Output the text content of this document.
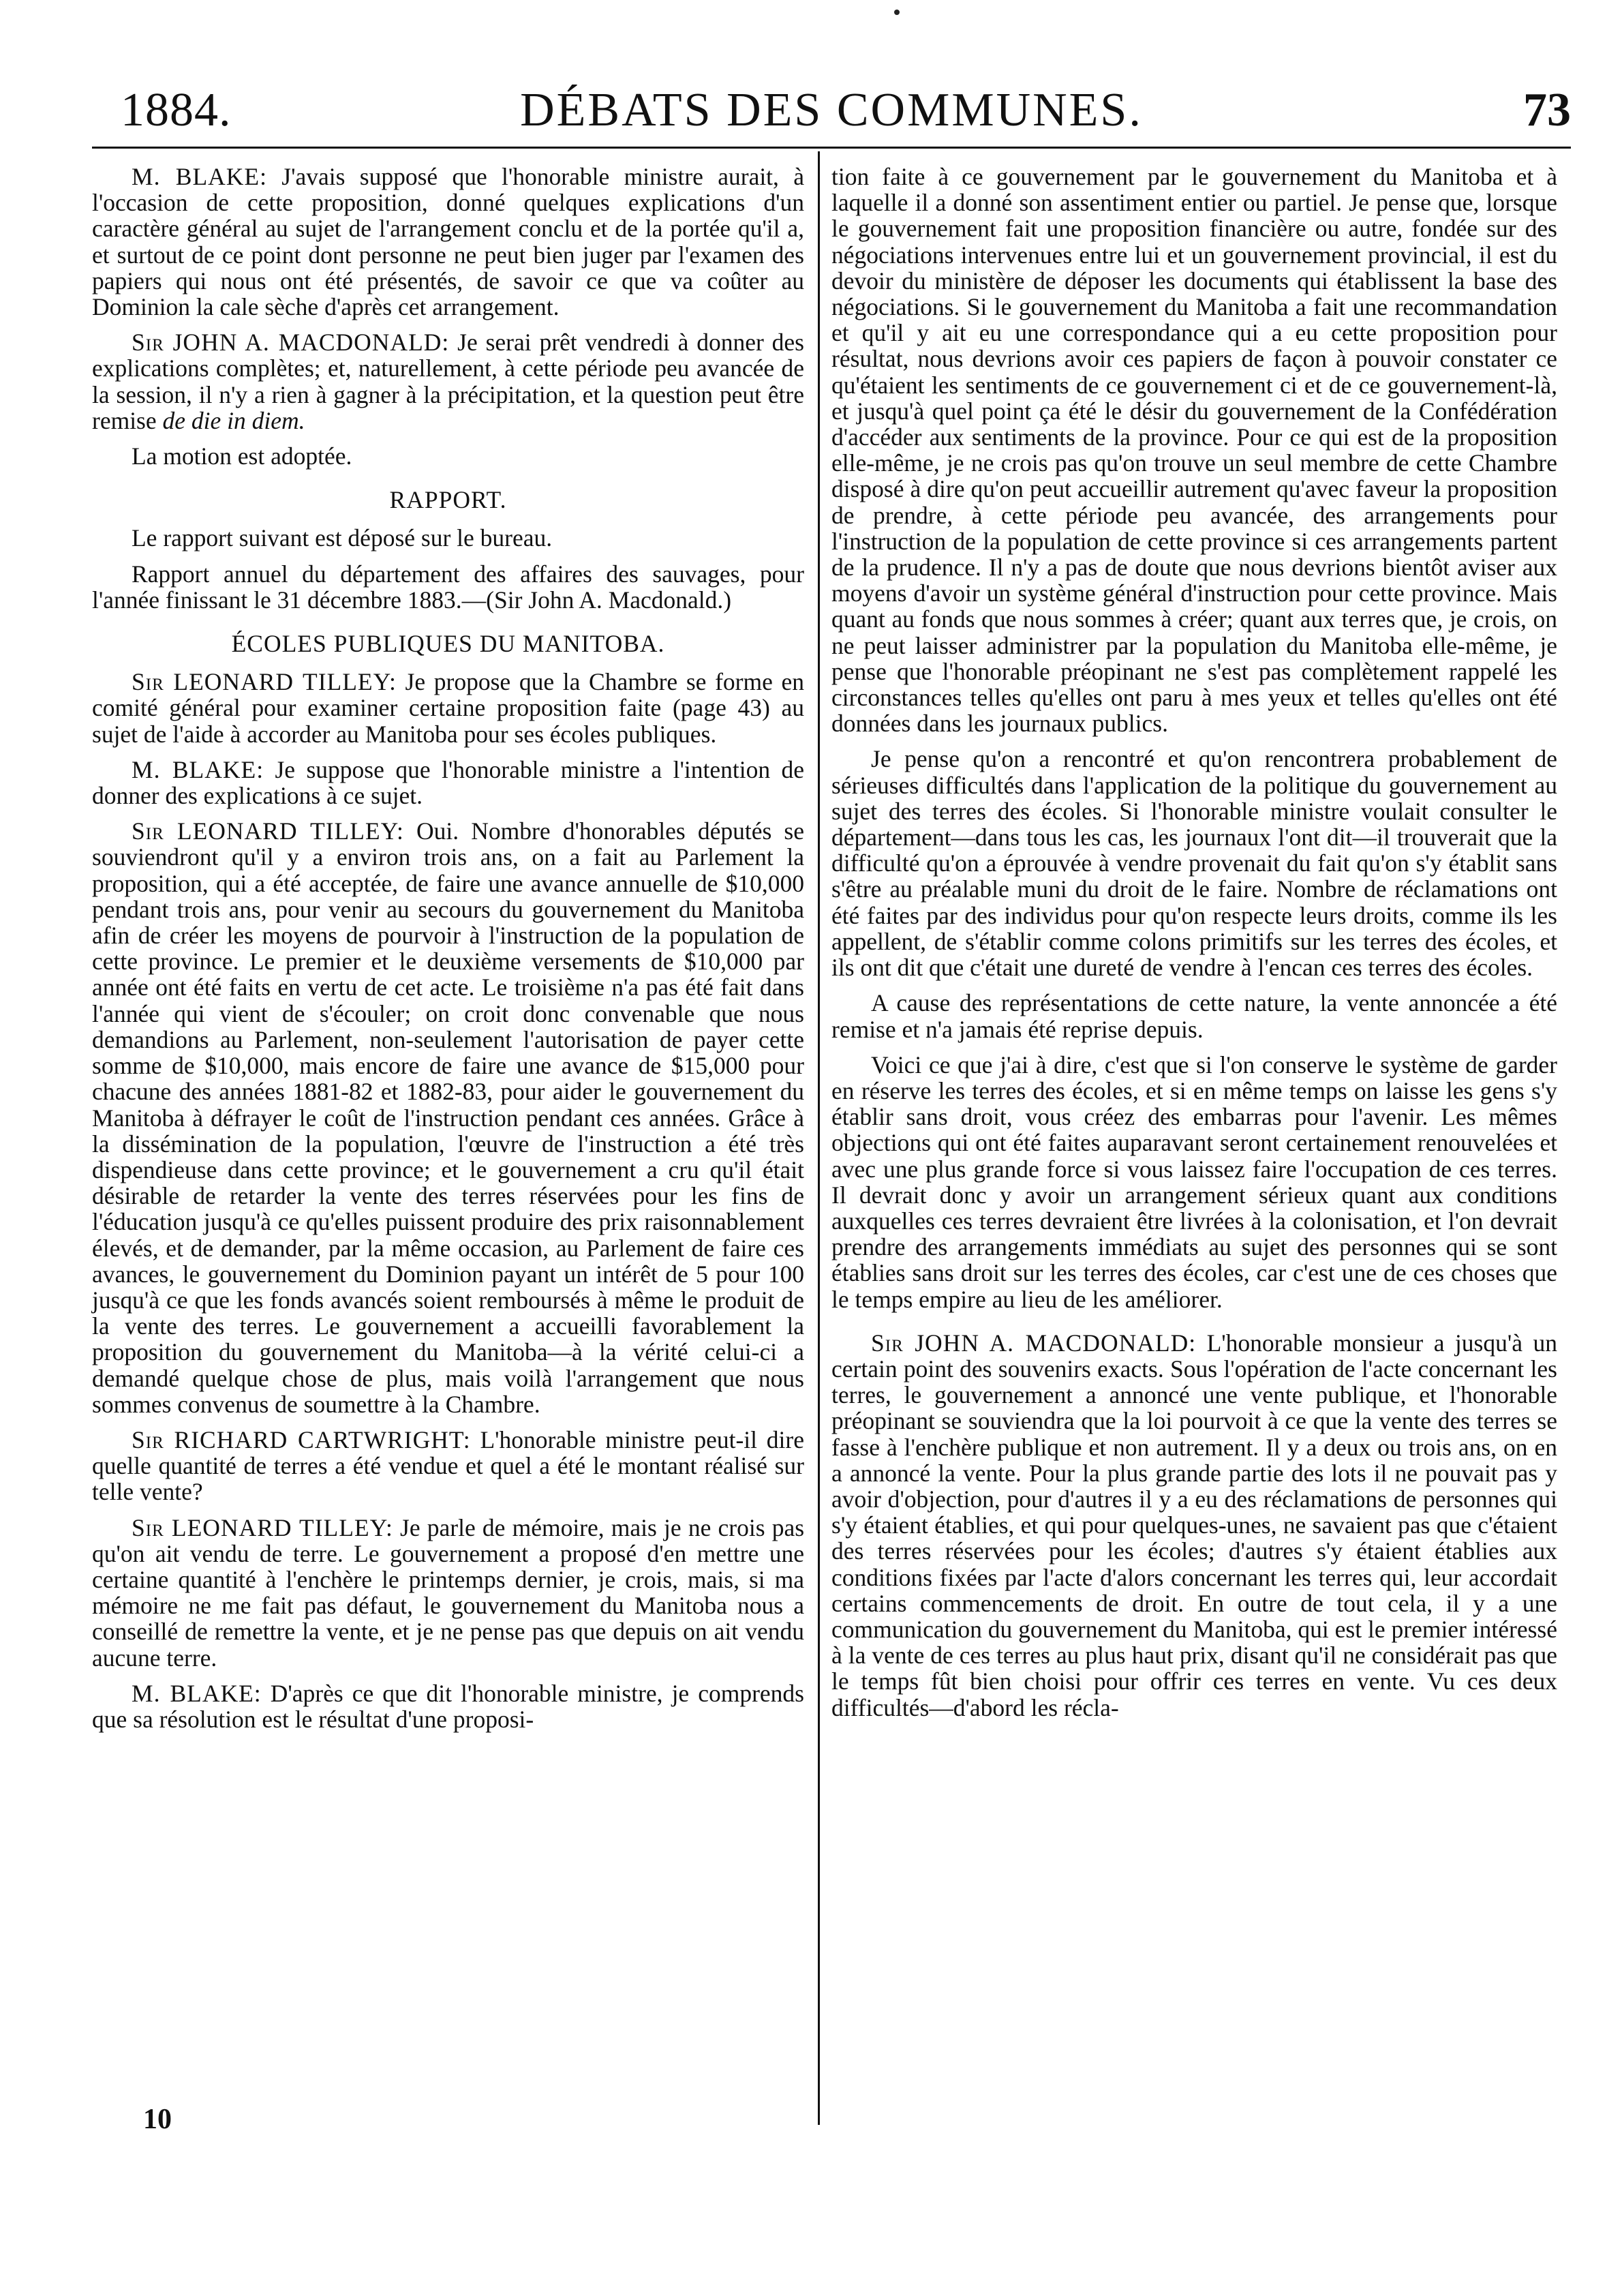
1884.	DÉBATS DES COMMUNES.	73

M. BLAKE: J'avais supposé que l'honorable ministre aurait, à l'occasion de cette proposition, donné quelques explications d'un caractère général au sujet de l'arrangement conclu et de la portée qu'il a, et surtout de ce point dont personne ne peut bien juger par l'examen des papiers qui nous ont été présentés, de savoir ce que va coûter au Dominion la cale sèche d'après cet arrangement.

Sir JOHN A. MACDONALD: Je serai prêt vendredi à donner des explications complètes; et, naturellement, à cette période peu avancée de la session, il n'y a rien à gagner à la précipitation, et la question peut être remise de die in diem.

La motion est adoptée.

RAPPORT.

Le rapport suivant est déposé sur le bureau.

Rapport annuel du département des affaires des sauvages, pour l'année finissant le 31 décembre 1883.—(Sir John A. Macdonald.)

ÉCOLES PUBLIQUES DU MANITOBA.

Sir LEONARD TILLEY: Je propose que la Chambre se forme en comité général pour examiner certaine proposition faite (page 43) au sujet de l'aide à accorder au Manitoba pour ses écoles publiques.

M. BLAKE: Je suppose que l'honorable ministre a l'intention de donner des explications à ce sujet.

Sir LEONARD TILLEY: Oui. Nombre d'honorables députés se souviendront qu'il y a environ trois ans, on a fait au Parlement la proposition, qui a été acceptée, de faire une avance annuelle de $10,000 pendant trois ans, pour venir au secours du gouvernement du Manitoba afin de créer les moyens de pourvoir à l'instruction de la population de cette province. Le premier et le deuxième versements de $10,000 par année ont été faits en vertu de cet acte. Le troisième n'a pas été fait dans l'année qui vient de s'écouler; on croit donc convenable que nous demandions au Parlement, non-seulement l'autorisation de payer cette somme de $10,000, mais encore de faire une avance de $15,000 pour chacune des années 1881-82 et 1882-83, pour aider le gouvernement du Manitoba à défrayer le coût de l'instruction pendant ces années. Grâce à la dissémination de la population, l'œuvre de l'instruction a été très dispendieuse dans cette province; et le gouvernement a cru qu'il était désirable de retarder la vente des terres réservées pour les fins de l'éducation jusqu'à ce qu'elles puissent produire des prix raisonnablement élevés, et de demander, par la même occasion, au Parlement de faire ces avances, le gouvernement du Dominion payant un intérêt de 5 pour 100 jusqu'à ce que les fonds avancés soient remboursés à même le produit de la vente des terres. Le gouvernement a accueilli favorablement la proposition du gouvernement du Manitoba—à la vérité celui-ci a demandé quelque chose de plus, mais voilà l'arrangement que nous sommes convenus de soumettre à la Chambre.

Sir RICHARD CARTWRIGHT: L'honorable ministre peut-il dire quelle quantité de terres a été vendue et quel a été le montant réalisé sur telle vente?

Sir LEONARD TILLEY: Je parle de mémoire, mais je ne crois pas qu'on ait vendu de terre. Le gouvernement a proposé d'en mettre une certaine quantité à l'enchère le printemps dernier, je crois, mais, si ma mémoire ne me fait pas défaut, le gouvernement du Manitoba nous a conseillé de remettre la vente, et je ne pense pas que depuis on ait vendu aucune terre.

M. BLAKE: D'après ce que dit l'honorable ministre, je comprends que sa résolution est le résultat d'une proposi-

tion faite à ce gouvernement par le gouvernement du Manitoba et à laquelle il a donné son assentiment entier ou partiel. Je pense que, lorsque le gouvernement fait une proposition financière ou autre, fondée sur des négociations intervenues entre lui et un gouvernement provincial, il est du devoir du ministère de déposer les documents qui établissent la base des négociations. Si le gouvernement du Manitoba a fait une recommandation et qu'il y ait eu une correspondance qui a eu cette proposition pour résultat, nous devrions avoir ces papiers de façon à pouvoir constater ce qu'étaient les sentiments de ce gouvernement ci et de ce gouvernement-là, et jusqu'à quel point ça été le désir du gouvernement de la Confédération d'accéder aux sentiments de la province. Pour ce qui est de la proposition elle-même, je ne crois pas qu'on trouve un seul membre de cette Chambre disposé à dire qu'on peut accueillir autrement qu'avec faveur la proposition de prendre, à cette période peu avancée, des arrangements pour l'instruction de la population de cette province si ces arrangements partent de la prudence. Il n'y a pas de doute que nous devrions bientôt aviser aux moyens d'avoir un système général d'instruction pour cette province. Mais quant au fonds que nous sommes à créer; quant aux terres que, je crois, on ne peut laisser administrer par la population du Manitoba elle-même, je pense que l'honorable préopinant ne s'est pas complètement rappelé les circonstances telles qu'elles ont paru à mes yeux et telles qu'elles ont été données dans les journaux publics.

Je pense qu'on a rencontré et qu'on rencontrera probablement de sérieuses difficultés dans l'application de la politique du gouvernement au sujet des terres des écoles. Si l'honorable ministre voulait consulter le département—dans tous les cas, les journaux l'ont dit—il trouverait que la difficulté qu'on a éprouvée à vendre provenait du fait qu'on s'y établit sans s'être au préalable muni du droit de le faire. Nombre de réclamations ont été faites par des individus pour qu'on respecte leurs droits, comme ils les appellent, de s'établir comme colons primitifs sur les terres des écoles, et ils ont dit que c'était une dureté de vendre à l'encan ces terres des écoles.

A cause des représentations de cette nature, la vente annoncée a été remise et n'a jamais été reprise depuis.

Voici ce que j'ai à dire, c'est que si l'on conserve le système de garder en réserve les terres des écoles, et si en même temps on laisse les gens s'y établir sans droit, vous créez des embarras pour l'avenir. Les mêmes objections qui ont été faites auparavant seront certainement renouvelées et avec une plus grande force si vous laissez faire l'occupation de ces terres. Il devrait donc y avoir un arrangement sérieux quant aux conditions auxquelles ces terres devraient être livrées à la colonisation, et l'on devrait prendre des arrangements immédiats au sujet des personnes qui se sont établies sans droit sur les terres des écoles, car c'est une de ces choses que le temps empire au lieu de les améliorer.

Sir JOHN A. MACDONALD: L'honorable monsieur a jusqu'à un certain point des souvenirs exacts. Sous l'opération de l'acte concernant les terres, le gouvernement a annoncé une vente publique, et l'honorable préopinant se souviendra que la loi pourvoit à ce que la vente des terres se fasse à l'enchère publique et non autrement. Il y a deux ou trois ans, on en a annoncé la vente. Pour la plus grande partie des lots il ne pouvait pas y avoir d'objection, pour d'autres il y a eu des réclamations de personnes qui s'y étaient établies, et qui pour quelques-unes, ne savaient pas que c'étaient des terres réservées pour les écoles; d'autres s'y étaient établies aux conditions fixées par l'acte d'alors concernant les terres qui, leur accordait certains commencements de droit. En outre de tout cela, il y a une communication du gouvernement du Manitoba, qui est le premier intéressé à la vente de ces terres au plus haut prix, disant qu'il ne considérait pas que le temps fût bien choisi pour offrir ces terres en vente. Vu ces deux difficultés—d'abord les récla-

10
